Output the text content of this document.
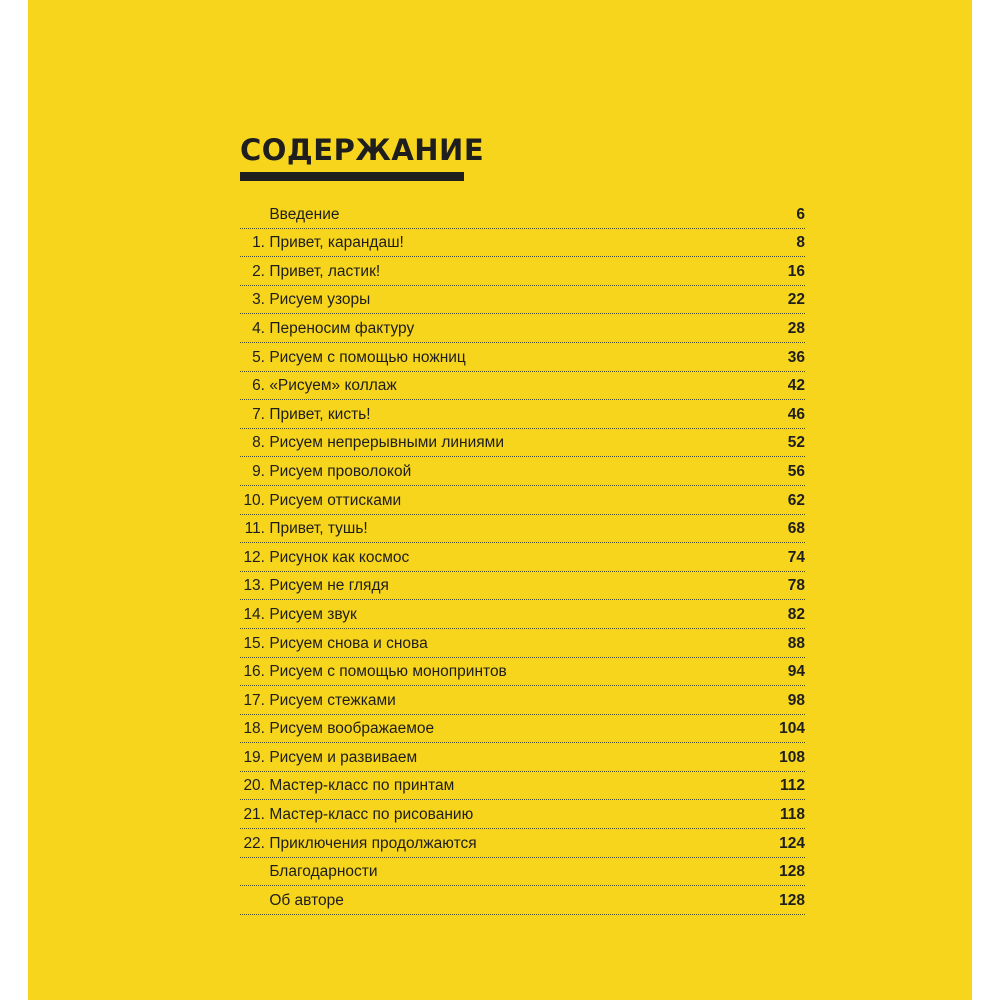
СОДЕРЖАНИЕ
Введение	6
1. Привет, карандаш!	8
2. Привет, ластик!	16
3. Рисуем узоры	22
4. Переносим фактуру	28
5. Рисуем с помощью ножниц	36
6. «Рисуем» коллаж	42
7. Привет, кисть!	46
8. Рисуем непрерывными линиями	52
9. Рисуем проволокой	56
10. Рисуем оттисками	62
11. Привет, тушь!	68
12. Рисунок как космос	74
13. Рисуем не глядя	78
14. Рисуем звук	82
15. Рисуем снова и снова	88
16. Рисуем с помощью монопринтов	94
17. Рисуем стежками	98
18. Рисуем воображаемое	104
19. Рисуем и развиваем	108
20. Мастер-класс по принтам	112
21. Мастер-класс по рисованию	118
22. Приключения продолжаются	124
Благодарности	128
Об авторе	128
